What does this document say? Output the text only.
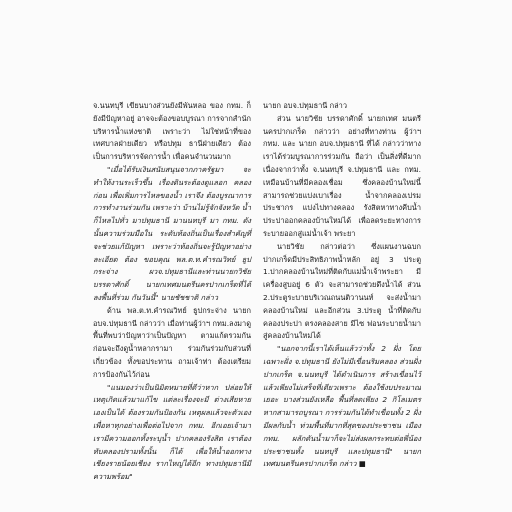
จ.นนทบุรี เขียนบางส่วนยังมีพันหลอ ของ กทม. ก็ยังมีปัญหาอยู่ อาจจะต้องขอบบูรณา การจากสำนักบริหารน้ำแห่งชาติ เพราะว่า ไม่ใช่หน้าที่ของเทศบาลฝ่ายเดียว หรือปทุม ธานีฝ่ายเดียว ต้องเป็นการบริหารจัดการน้ำ เพื่อคนจำนวนมาก

"เมื่อได้รับเงินสนับสนุนจากภาครัฐมา จะทำให้งานระเร็วขึ้น เรื่องดินระต้องดูแลอก คลองก่อน เพื่อเพิ่มการไหลของน้ำ เราจึง ต้องบูรณาการการทำงานร่วมกัน เพราะว่า บ้านไม่รู้จักจังหวัด น้ำก็ไหลไปทั่ว มาปทุมธานี มานนทบุรี มา กทม. ดังนั้นความร่วมมือใน ระดับท้องถิ่นเป็นเรื่องสำคัญที่จะช่วยแก้ปัญหา เพราะว่าท้องถิ่นจะรู้ปัญหาอย่างละเอียด ต้อง ขอบคุณ พล.ต.ท.คำรณวิทย์ ธูปกระจ่าง ผวจ.ปทุมธานีและท่านนายกวิชัย บรรดาศักดิ์ นายกเทศมนตรีนครปากเกร็ดที่ได้ลงพื้นที่ร่วม กันวันนี้" นายชัชชาติ กล่าว

ด้าน พล.ต.ท.คำรณวิทย์ ธูปกระจ่าง นายก อบจ.ปทุมธานี กล่าวว่า เมื่อท่านผู้ว่าฯ กทม.ลงมาดูพื้นที่พบว่าปัญหาว่าเป็นปัญหา ตามแก้ตรวมกัน ก่อนจะถึงดูน้ำหลากรามา ร่วมกันร่วมกับส่วนที่เกี่ยวข้อง ทั้งขอประทาน ถามเจ้าท่า ต้องเตรียมการป้องกันไว้ก่อน

"แนมองว่าเป็นนิมิตหมายที่ดีว่าหาก ปล่อยให้เหตุเกิดแล้วมาแก้ไข แต่ละเรื่องจะมี ต่างเสียหายเองเป็นได้ ต้องรวมกันป้องกัน เหตุผลแล้วจะตัวเองเพื่อหาทุกอย่างเพื่อต่อไปจาก กทม. อีกเอยเจ้ามา เรามีความออกทั้งระบุน้ำ ปากคลองรังสิต เราต้องทับคลองปรามทั้งนั้น ก็ได้ เพื่อให้น้ำออกทางเชียงรายน้อยเชียง รากไหญ่ได้อีก ทางปทุมธานีมีความพร้อม"

นายก อบจ.ปทุมธานี กล่าว

ส่วน นายวิชัย บรรดาศักดิ์ นายกเทศ มนตรีนครปากเกร็ด กล่าวว่า อย่างที่ทางท่าน ผู้ว่าฯ กทม. และ นายก อบจ.ปทุมธานี ที่ได้ กล่าวว่าทางเราได้ร่วมบูรณาการร่วมกัน ถือว่า เป็นสิ่งที่ดีมาก เนื่องจากว่าทั้ง จ.นนทบุรี จ.ปทุมธานี และ กทม. เหมือนบ้านที่มีคลองเชื่อม ซึ่งคลองบ้านใหม่นี้สามารถช่วยแบ่งเบาเรื่อง น้ำจากคลองเปรมประชากร แบ่งไปทางคลอง รังสิตหาทางคีบน้ำประปาออกคลองบ้านใหม่ได้ เพื่อลดระยะทางการระบายออกสู่แม่น้ำเจ้า พระยา

นายวิชัย กล่าวต่อว่า ซึ่งแผนงานฉบก ปากเกร็ดมีประสิทธิภาพน้ำหลัก อยู่ 3 ประตู 1.ปากคลองบ้านใหม่ที่ติดกับแม่น้ำเจ้าพระยา มีเครื่องสูบอยู่ 6 ตัว จะสามารถช่วยดึงน้ำได้ ส่วน 2.ประตูระบายบริเวณถนนติวานนท์ จะส่งน้ำมาคลองบ้านใหม่ และอีกส่วน 3.ประตู น้ำที่ติดกับคลองประปา ตรงคลองสาย มีไซ ฟอนระบายน้ำมาสู่คลองบ้านใหม่ได้

"นอกจากนี้เราได้เห็นแล้วว่าทั้ง 2 ฝั่ง โดยเฉพาะฝั่ง จ.ปทุมธานี ยังไม่มีเขื่อนริมคลอง ส่วนฝั่งปากเกร็ด จ.นนทบุรี ได้ดำเนินการ สร้างเขื่อนไว้แล้วเพียงไม่เสร็จที่เดียวเพราะ ต้องใช้งบประมาณเยอะ บางส่วนยังเหลือ พื้นที่ลดเพียง 2 กิโลเมตร หากสามารถบูรณา การร่วมกันได้ทำเขื่อนทั้ง 2 ฝั่ง มีผลกับน้ำ ท่วมพื้นที่มากที่สุดของประชาชน เมือง กทม. ผลักดันน้ำมาก็จะไม่ส่งผลกระทบต่อพี่น้อง ประชาชนทั้ง นนทบุรี และปทุมธานี" นายก เทศมนตรีนครปากเกร็ด กล่าว ■
